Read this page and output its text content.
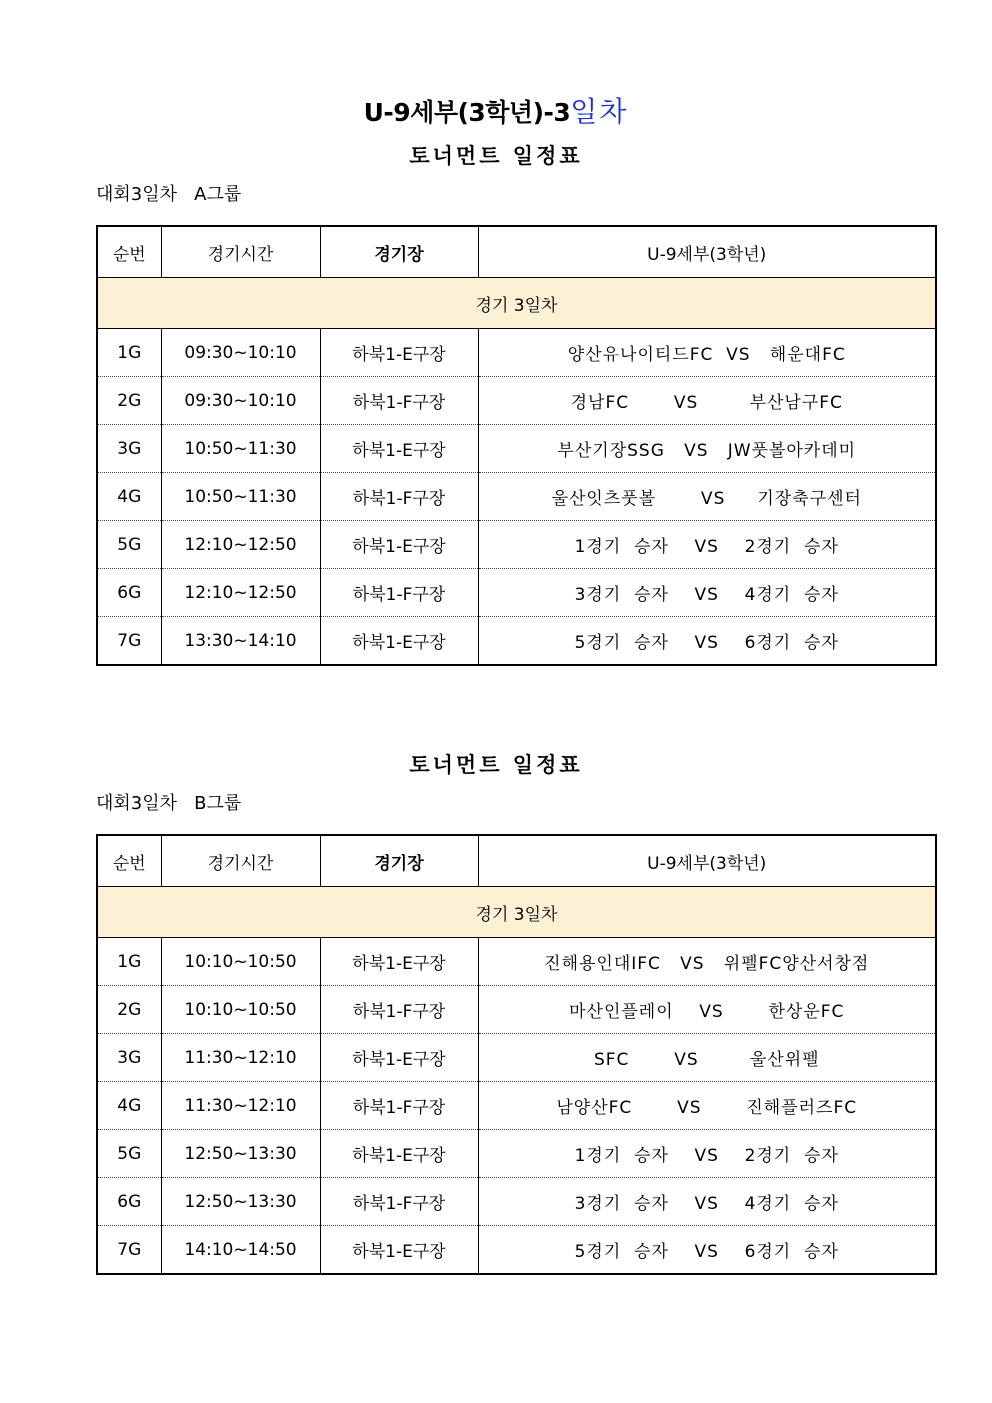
U-9세부(3학년)-3일차
토너먼트 일정표
대회3일차   A그룹
순번	경기시간	경기장	U-9세부(3학년)
경기 3일차			
1G	09:30~10:10	하북1-E구장	양산유나이티드FC  VS   해운대FC
2G	09:30~10:10	하북1-F구장	경남FC       VS        부산남구FC
3G	10:50~11:30	하북1-E구장	부산기장SSG   VS   JW풋볼아카데미
4G	10:50~11:30	하북1-F구장	울산잇츠풋볼       VS     기장축구센터
5G	12:10~12:50	하북1-E구장	1경기  승자    VS    2경기  승자
6G	12:10~12:50	하북1-F구장	3경기  승자    VS    4경기  승자
7G	13:30~14:10	하북1-E구장	5경기  승자    VS    6경기  승자
토너먼트 일정표
대회3일차   B그룹
순번	경기시간	경기장	U-9세부(3학년)
경기 3일차			
1G	10:10~10:50	하북1-E구장	진해용인대IFC   VS   위펠FC양산서창점
2G	10:10~10:50	하북1-F구장	마산인플레이    VS       한상운FC
3G	11:30~12:10	하북1-E구장	SFC       VS        울산위펠
4G	11:30~12:10	하북1-F구장	남양산FC       VS       진해플러즈FC
5G	12:50~13:30	하북1-E구장	1경기  승자    VS    2경기  승자
6G	12:50~13:30	하북1-F구장	3경기  승자    VS    4경기  승자
7G	14:10~14:50	하북1-E구장	5경기  승자    VS    6경기  승자
